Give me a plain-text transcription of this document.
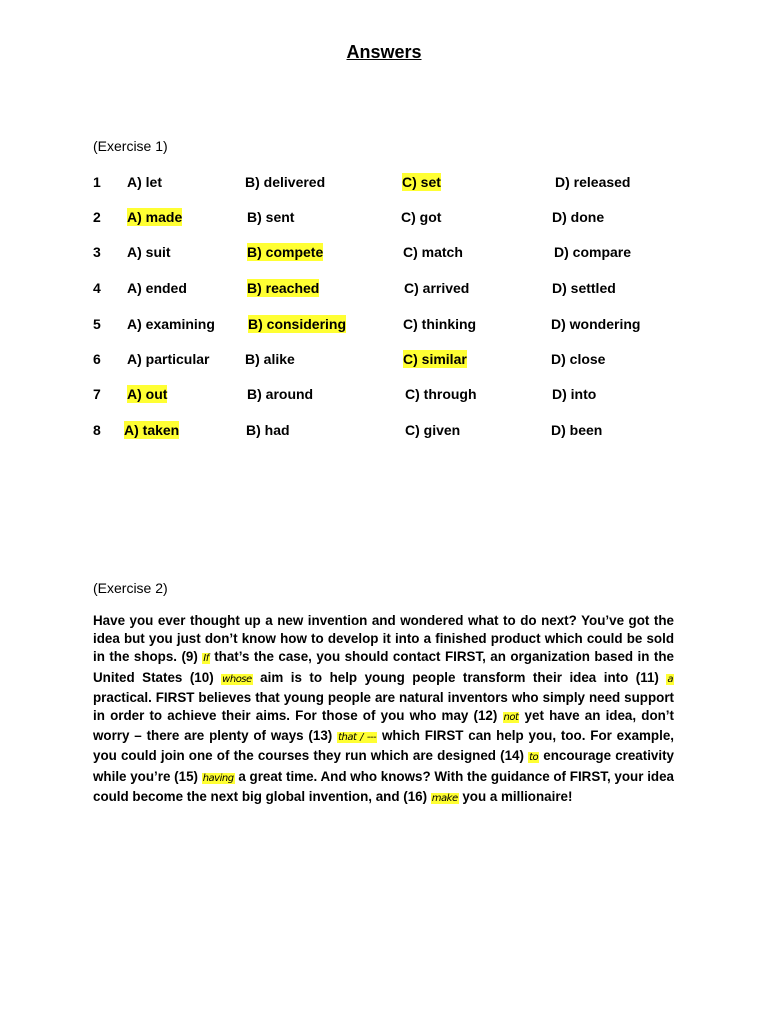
Answers
(Exercise 1)
1 A) let	B) delivered	C) set	D) released
2 A) made	B) sent	C) got	D) done
3 A) suit	B) compete	C) match	D) compare
4 A) ended	B) reached	C) arrived	D) settled
5 A) examining B) considering	C) thinking	D) wondering
6 A) particular	B) alike	C) similar	D) close
7 A) out	B) around	C) through	D) into
8 A) taken	B) had	C) given	D) been
(Exercise 2)
Have you ever thought up a new invention and wondered what to do next? You’ve got the idea but you just don’t know how to develop it into a finished product which could be sold in the shops. (9) If that’s the case, you should contact FIRST, an organization based in the United States (10) whose aim is to help young people transform their idea into (11) a practical. FIRST believes that young people are natural inventors who simply need support in order to achieve their aims. For those of you who may (12) not yet have an idea, don’t worry – there are plenty of ways (13) that / --- which FIRST can help you, too. For example, you could join one of the courses they run which are designed (14) to encourage creativity while you’re (15) having a great time. And who knows? With the guidance of FIRST, your idea could become the next big global invention, and (16) make you a millionaire!
